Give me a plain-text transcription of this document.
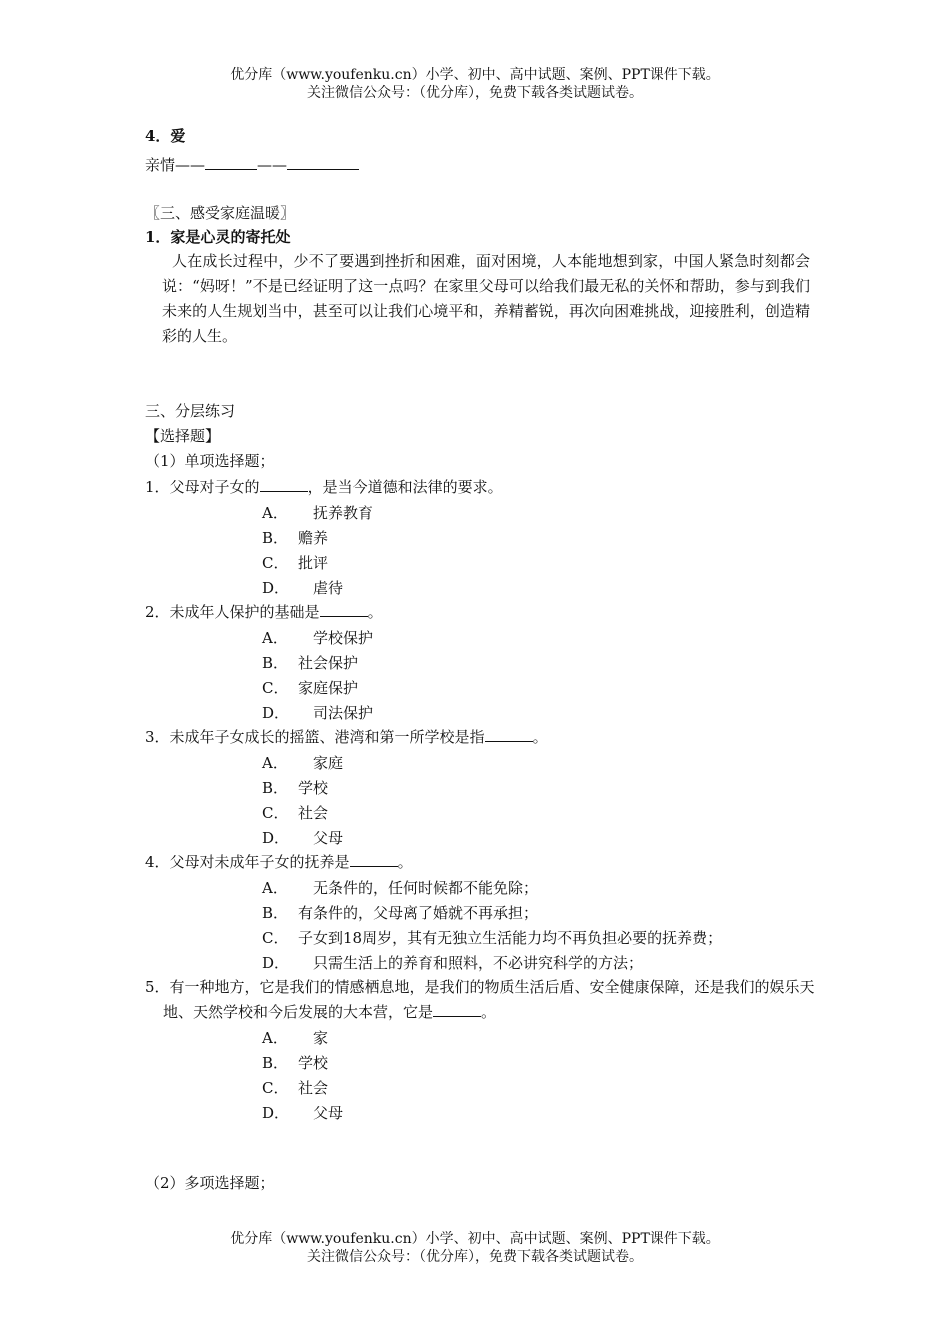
优分库（www.youfenku.cn）小学、初中、高中试题、案例、PPT课件下载。
关注微信公众号：（优分库），免费下载各类试题试卷。
4．爱
亲情——	——
〖三、感受家庭温暖〗
1．家是心灵的寄托处
人在成长过程中，少不了要遇到挫折和困难，面对困境，人本能地想到家，中国人紧急时刻都会说：“妈呀！”不是已经证明了这一点吗？在家里父母可以给我们最无私的关怀和帮助，参与到我们未来的人生规划当中，甚至可以让我们心境平和，养精蓄锐，再次向困难挑战，迎接胜利，创造精彩的人生。
三、分层练习
【选择题】
（1）单项选择题；
1．父母对子女的	，是当今道德和法律的要求。
A．　抚养教育
B． 赡养
C． 批评
D．　虐待
2．未成年人保护的基础是	。
A．　学校保护
B． 社会保护
C． 家庭保护
D．　司法保护
3．未成年子女成长的摇篮、港湾和第一所学校是指	。
A．　家庭
B． 学校
C． 社会
D．　父母
4．父母对未成年子女的抚养是	。
A．　无条件的，任何时候都不能免除；
B． 有条件的，父母离了婚就不再承担；
C． 子女到18周岁，其有无独立生活能力均不再负担必要的抚养费；
D．　只需生活上的养育和照料，不必讲究科学的方法；
5．有一种地方，它是我们的情感栖息地，是我们的物质生活后盾、安全健康保障，还是我们的娱乐天地、天然学校和今后发展的大本营，它是	。
A．　家
B． 学校
C． 社会
D．　父母
（2）多项选择题；
优分库（www.youfenku.cn）小学、初中、高中试题、案例、PPT课件下载。
关注微信公众号：（优分库），免费下载各类试题试卷。
